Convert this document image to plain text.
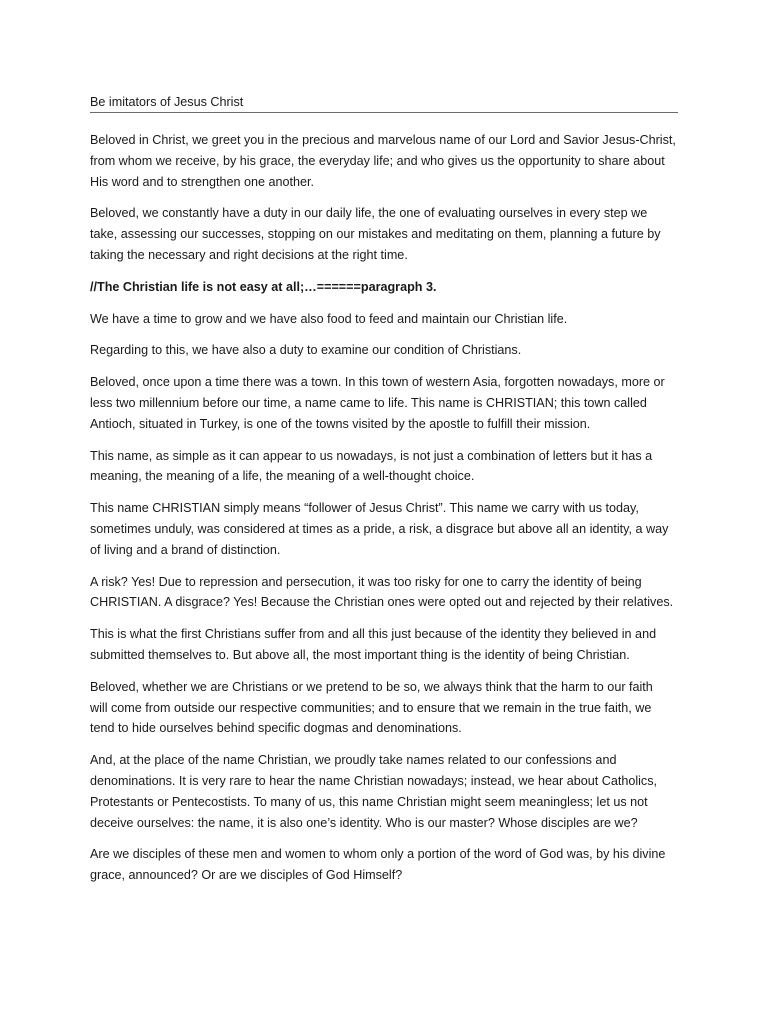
Be imitators of Jesus Christ

Beloved in Christ, we greet you in the precious and marvelous name of our Lord and Savior Jesus-Christ,
from whom we receive, by his grace, the everyday life; and who gives us the opportunity to share about
His word and to strengthen one another.

Beloved, we constantly have a duty in our daily life, the one of evaluating ourselves in every step we
take, assessing our successes, stopping on our mistakes and meditating on them, planning a future by
taking the necessary and right decisions at the right time.

//The Christian life is not easy at all;…======paragraph 3.

We have a time to grow and we have also food to feed and maintain our Christian life.

Regarding to this, we have also a duty to examine our condition of Christians.

Beloved, once upon a time there was a town. In this town of western Asia, forgotten nowadays, more or
less two millennium before our time, a name came to life. This name is CHRISTIAN; this town called
Antioch, situated in Turkey, is one of the towns visited by the apostle to fulfill their mission.

This name, as simple as it can appear to us nowadays, is not just a combination of letters but it has a
meaning, the meaning of a life, the meaning of a well-thought choice.

This name CHRISTIAN simply means “follower of Jesus Christ”. This name we carry with us today,
sometimes unduly, was considered at times as a pride, a risk, a disgrace but above all an identity, a way
of living and a brand of distinction.

A risk? Yes! Due to repression and persecution, it was too risky for one to carry the identity of being
CHRISTIAN. A disgrace? Yes! Because the Christian ones were opted out and rejected by their relatives.

This is what the first Christians suffer from and all this just because of the identity they believed in and
submitted themselves to. But above all, the most important thing is the identity of being Christian.

Beloved, whether we are Christians or we pretend to be so, we always think that the harm to our faith
will come from outside our respective communities; and to ensure that we remain in the true faith, we
tend to hide ourselves behind specific dogmas and denominations.

And, at the place of the name Christian, we proudly take names related to our confessions and
denominations. It is very rare to hear the name Christian nowadays; instead, we hear about Catholics,
Protestants or Pentecostists. To many of us, this name Christian might seem meaningless; let us not
deceive ourselves: the name, it is also one’s identity. Who is our master? Whose disciples are we?

Are we disciples of these men and women to whom only a portion of the word of God was, by his divine
grace, announced? Or are we disciples of God Himself?
